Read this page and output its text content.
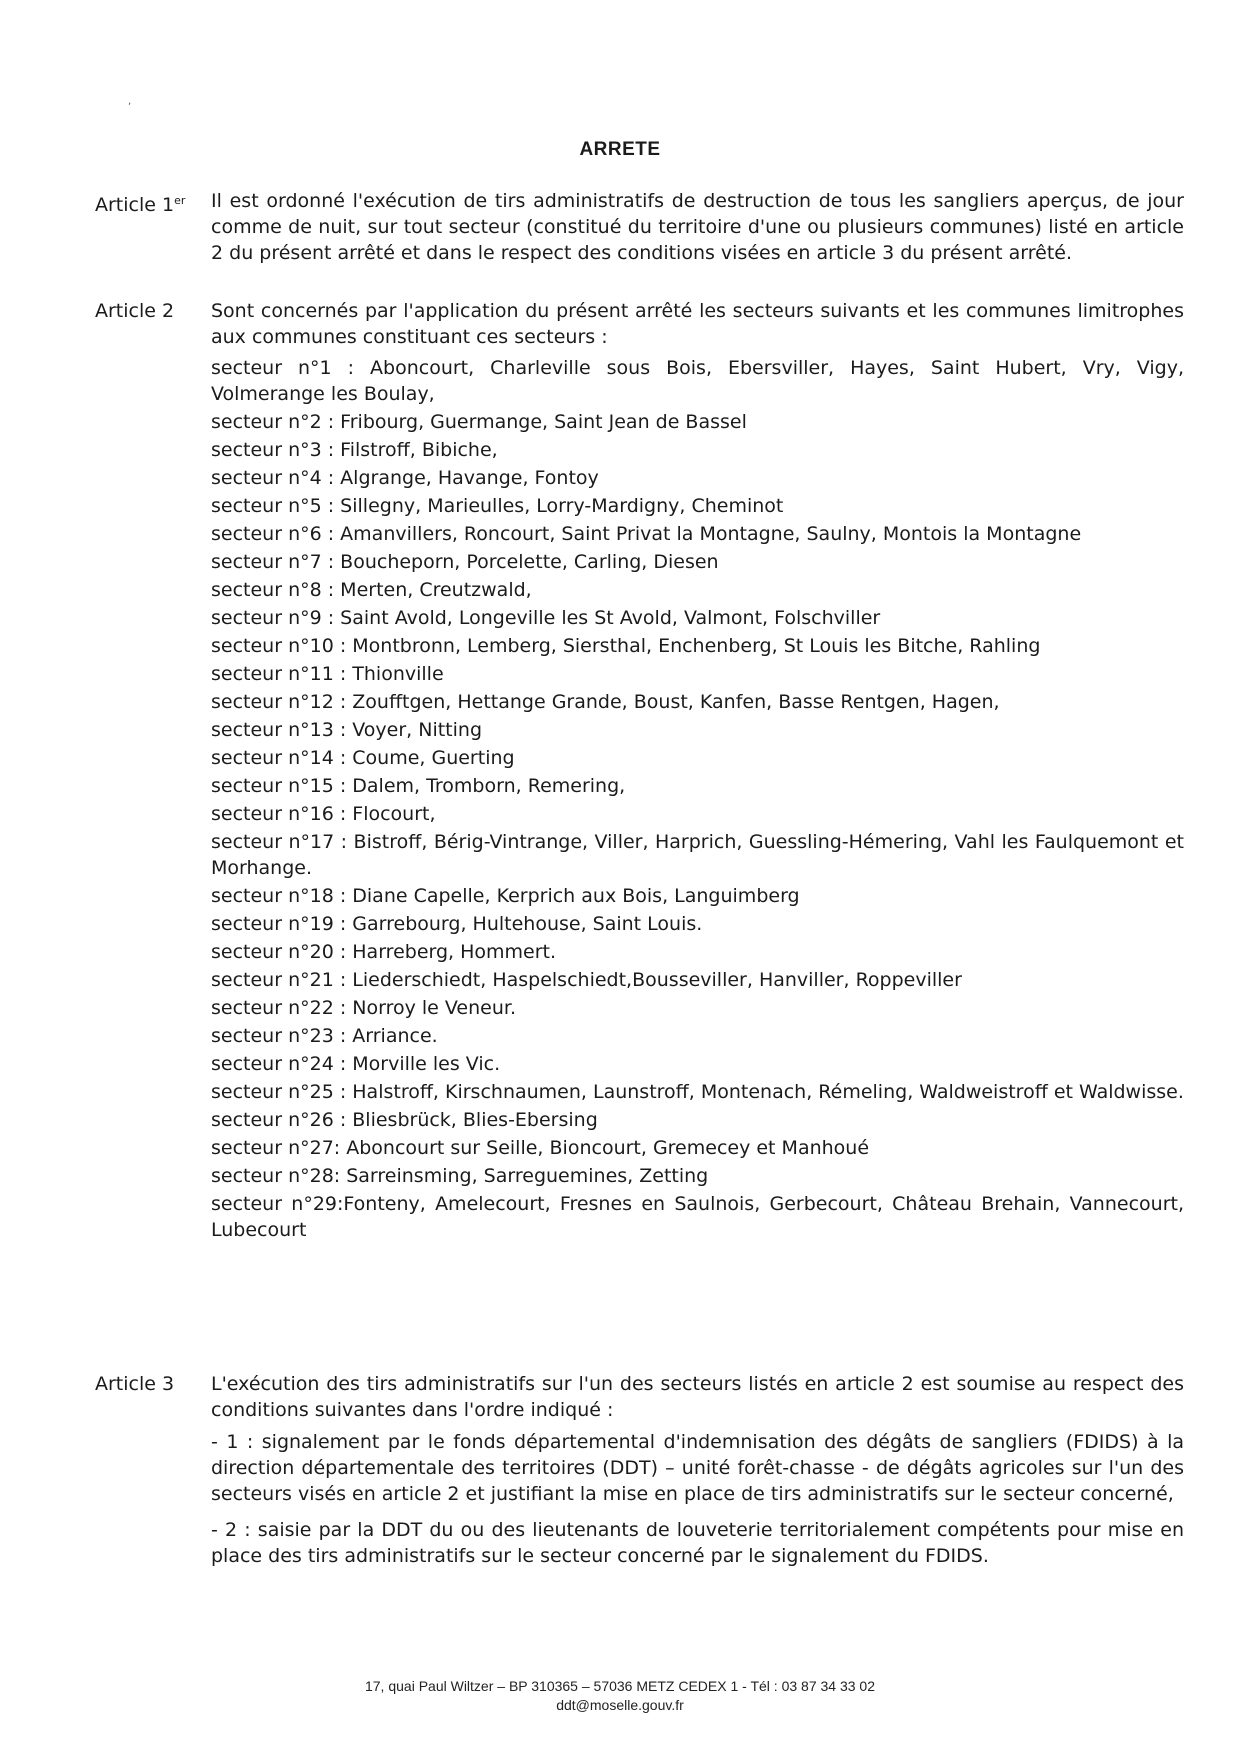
,
ARRETE
Article 1er	Il est ordonné l'exécution de tirs administratifs de destruction de tous les sangliers aperçus, de jour comme de nuit, sur tout secteur (constitué du territoire d'une ou plusieurs communes) listé en article 2 du présent arrêté et dans le respect des conditions visées en article 3 du présent arrêté.

Article 2	Sont concernés par l'application du présent arrêté les secteurs suivants et les communes limitrophes aux communes constituant ces secteurs :

secteur n°1 : Aboncourt, Charleville sous Bois, Ebersviller, Hayes, Saint Hubert, Vry, Vigy, Volmerange les Boulay,

secteur n°2 : Fribourg, Guermange, Saint Jean de Bassel

secteur n°3 : Filstroff, Bibiche,

secteur n°4 : Algrange, Havange, Fontoy

secteur n°5 : Sillegny, Marieulles, Lorry-Mardigny, Cheminot

secteur n°6 : Amanvillers, Roncourt, Saint Privat la Montagne, Saulny, Montois la Montagne

secteur n°7 : Boucheporn, Porcelette, Carling, Diesen

secteur n°8 : Merten, Creutzwald,

secteur n°9 : Saint Avold, Longeville les St Avold, Valmont, Folschviller

secteur n°10 : Montbronn, Lemberg, Siersthal, Enchenberg, St Louis les Bitche, Rahling

secteur n°11 : Thionville

secteur n°12 : Zoufftgen, Hettange Grande, Boust, Kanfen, Basse Rentgen, Hagen,

secteur n°13 : Voyer, Nitting

secteur n°14 : Coume, Guerting

secteur n°15 : Dalem, Tromborn, Remering,

secteur n°16 : Flocourt,

secteur n°17 : Bistroff, Bérig-Vintrange, Viller, Harprich, Guessling-Hémering, Vahl les Faulquemont et Morhange.

secteur n°18 : Diane Capelle, Kerprich aux Bois, Languimberg

secteur n°19 : Garrebourg, Hultehouse, Saint Louis.

secteur n°20 : Harreberg, Hommert.

secteur n°21 : Liederschiedt, Haspelschiedt,Bousseviller, Hanviller, Roppeviller

secteur n°22 : Norroy le Veneur.

secteur n°23 : Arriance.

secteur n°24 : Morville les Vic.

secteur n°25 : Halstroff, Kirschnaumen, Launstroff, Montenach, Rémeling, Waldweistroff et Waldwisse.

secteur n°26 : Bliesbrück, Blies-Ebersing

secteur n°27: Aboncourt sur Seille, Bioncourt, Gremecey et Manhoué

secteur n°28: Sarreinsming, Sarreguemines, Zetting

secteur n°29:Fonteny, Amelecourt, Fresnes en Saulnois, Gerbecourt, Château Brehain, Vannecourt, Lubecourt

Article 3	L'exécution des tirs administratifs sur l'un des secteurs listés en article 2 est soumise au respect des conditions suivantes dans l'ordre indiqué :

- 1 : signalement par le fonds départemental d'indemnisation des dégâts de sangliers (FDIDS) à la direction départementale des territoires (DDT) – unité forêt-chasse - de dégâts agricoles sur l'un des secteurs visés en article 2 et justifiant la mise en place de tirs administratifs sur le secteur concerné,

- 2 : saisie par la DDT du ou des lieutenants de louveterie territorialement compétents pour mise en place des tirs administratifs sur le secteur concerné par le signalement du FDIDS.

17, quai Paul Wiltzer – BP 310365 – 57036 METZ CEDEX 1 - Tél : 03 87 34 33 02
ddt@moselle.gouv.fr
